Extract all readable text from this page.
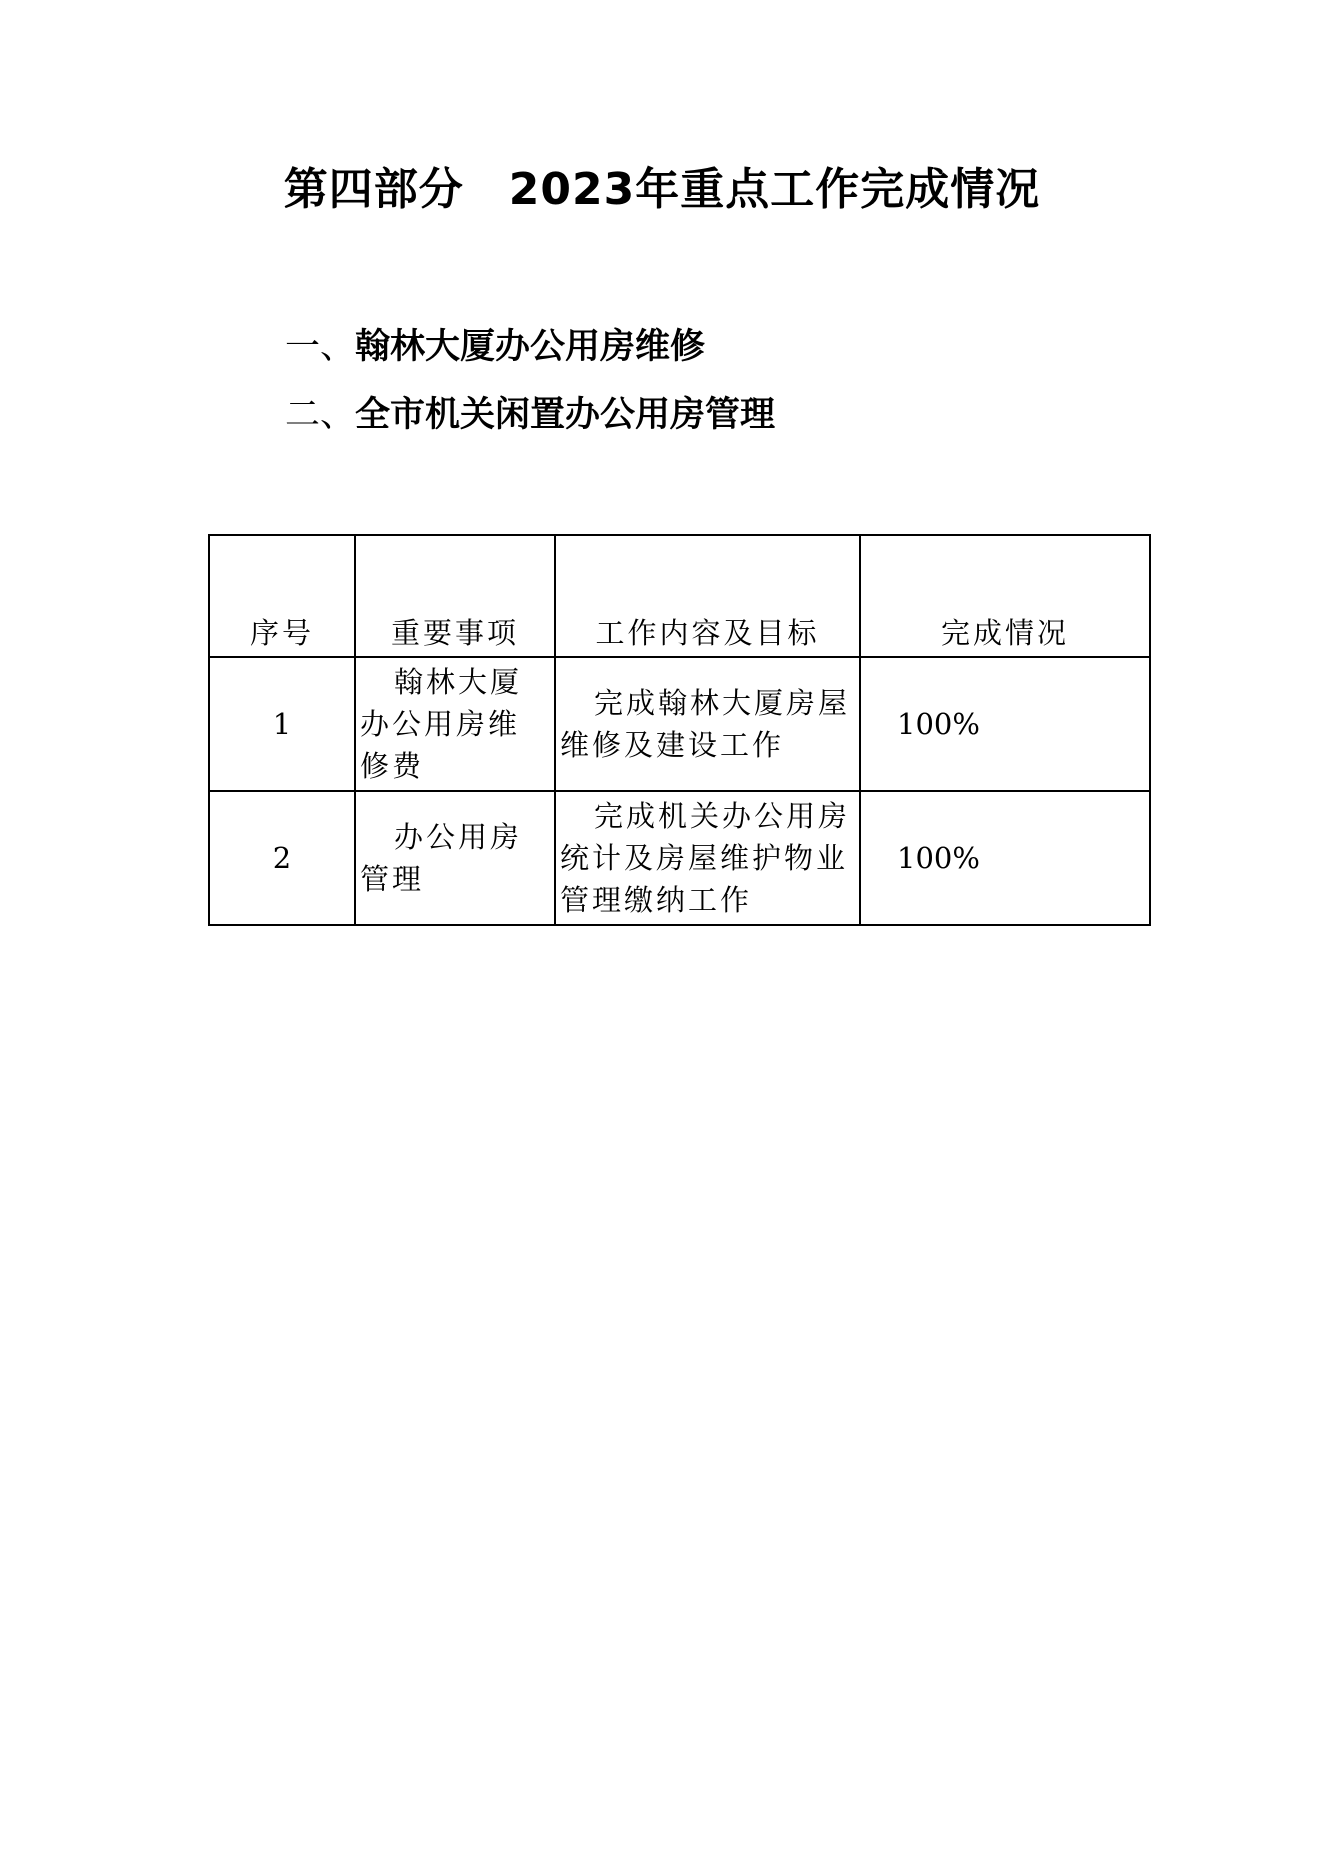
第四部分　2023年重点工作完成情况
一、翰林大厦办公用房维修
二、全市机关闲置办公用房管理
序号	重要事项	工作内容及目标	完成情况
1	翰林大厦办公用房维修费	完成翰林大厦房屋维修及建设工作	100%
2	办公用房管理	完成机关办公用房统计及房屋维护物业管理缴纳工作	100%
